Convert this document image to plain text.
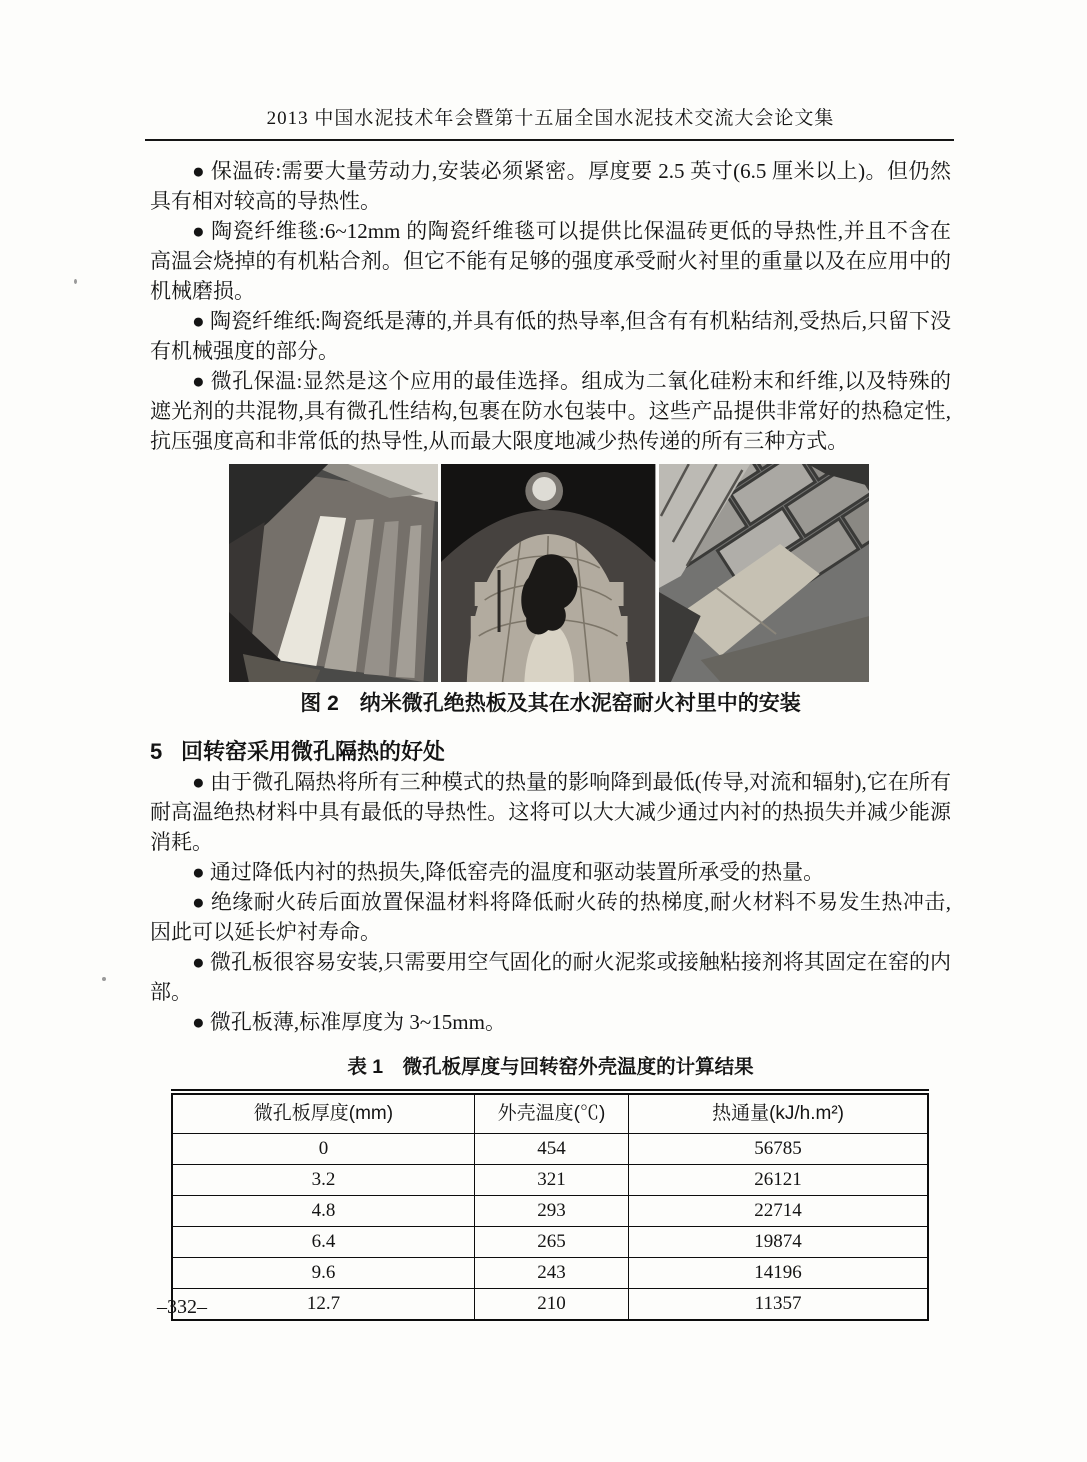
2013 中国水泥技术年会暨第十五届全国水泥技术交流大会论文集

● 保温砖:需要大量劳动力,安装必须紧密。厚度要 2.5 英寸(6.5 厘米以上)。但仍然具有相对较高的导热性。

● 陶瓷纤维毯:6~12mm 的陶瓷纤维毯可以提供比保温砖更低的导热性,并且不含在高温会烧掉的有机粘合剂。但它不能有足够的强度承受耐火衬里的重量以及在应用中的机械磨损。

● 陶瓷纤维纸:陶瓷纸是薄的,并具有低的热导率,但含有有机粘结剂,受热后,只留下没有机械强度的部分。

● 微孔保温:显然是这个应用的最佳选择。组成为二氧化硅粉末和纤维,以及特殊的遮光剂的共混物,具有微孔性结构,包裹在防水包装中。这些产品提供非常好的热稳定性,抗压强度高和非常低的热导性,从而最大限度地减少热传递的所有三种方式。

图 2　纳米微孔绝热板及其在水泥窑耐火衬里中的安装
5 回转窑采用微孔隔热的好处

● 由于微孔隔热将所有三种模式的热量的影响降到最低(传导,对流和辐射),它在所有耐高温绝热材料中具有最低的导热性。这将可以大大减少通过内衬的热损失并减少能源消耗。

● 通过降低内衬的热损失,降低窑壳的温度和驱动装置所承受的热量。

● 绝缘耐火砖后面放置保温材料将降低耐火砖的热梯度,耐火材料不易发生热冲击,因此可以延长炉衬寿命。

● 微孔板很容易安装,只需要用空气固化的耐火泥浆或接触粘接剂将其固定在窑的内部。

● 微孔板薄,标准厚度为 3~15mm。

表 1　微孔板厚度与回转窑外壳温度的计算结果
微孔板厚度(mm)	外壳温度(℃)	热通量(kJ/h.m²)
0	454	56785
3.2	321	26121
4.8	293	22714
6.4	265	19874
9.6	243	14196
12.7	210	11357
–332–
